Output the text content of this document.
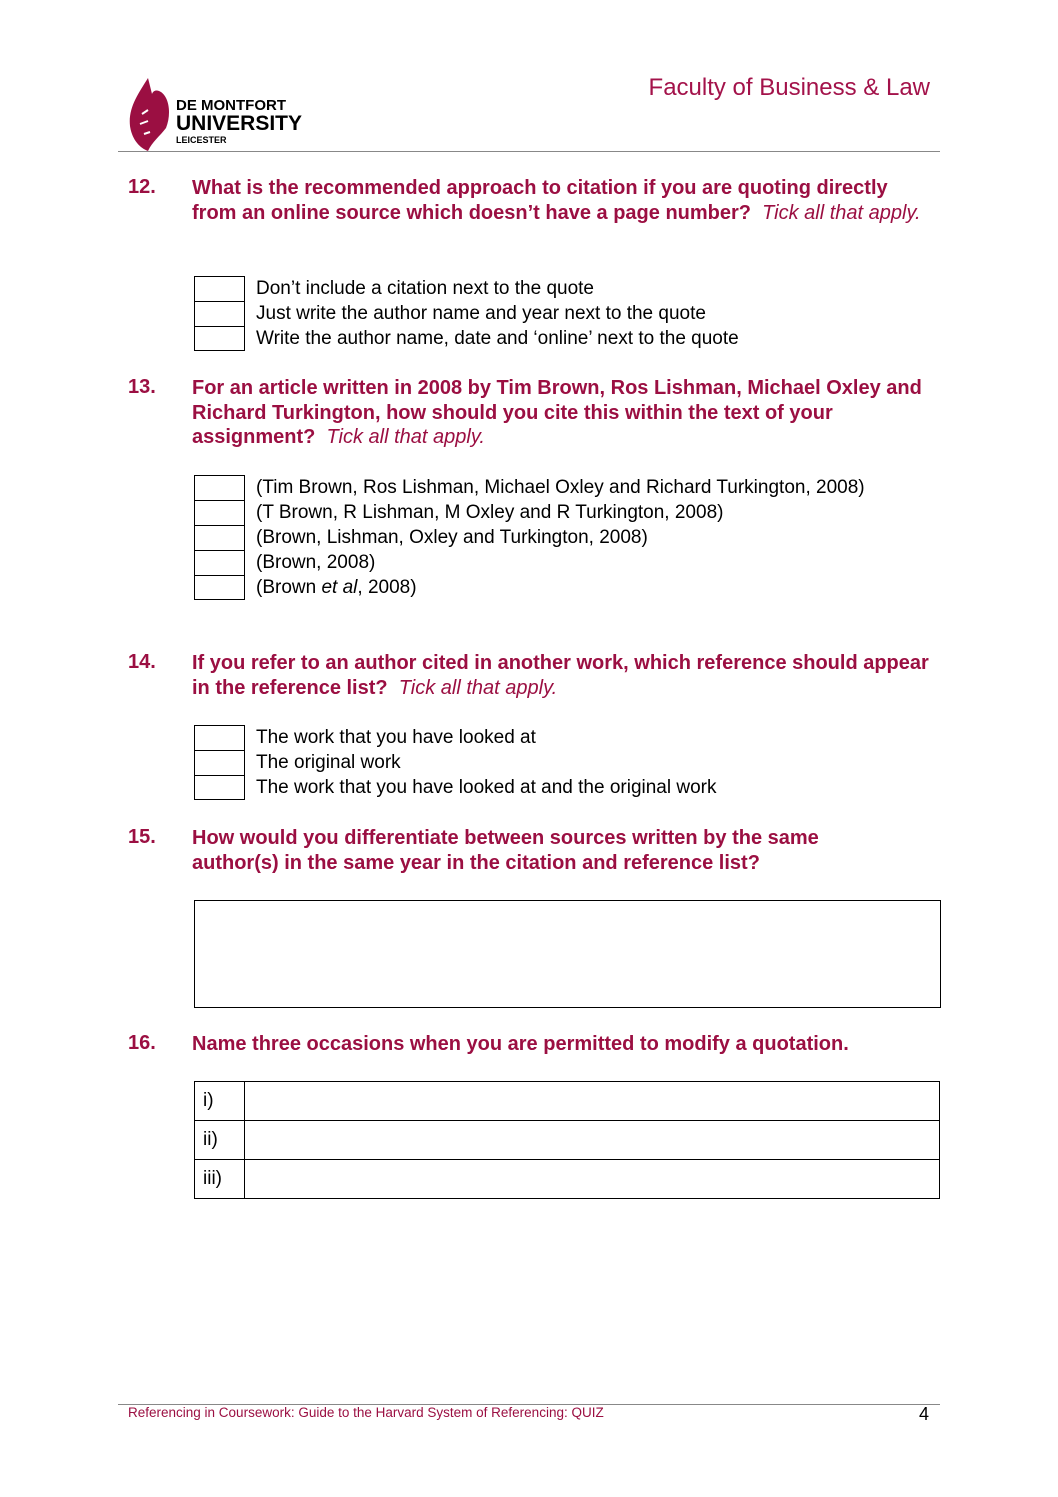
DE MONTFORT
UNIVERSITY
LEICESTER
Faculty of Business & Law
12. What is the recommended approach to citation if you are quoting directly from an online source which doesn’t have a page number? Tick all that apply.
Don’t include a citation next to the quote
Just write the author name and year next to the quote
Write the author name, date and ‘online’ next to the quote
13. For an article written in 2008 by Tim Brown, Ros Lishman, Michael Oxley and Richard Turkington, how should you cite this within the text of your assignment? Tick all that apply.
(Tim Brown, Ros Lishman, Michael Oxley and Richard Turkington, 2008)
(T Brown, R Lishman, M Oxley and R Turkington, 2008)
(Brown, Lishman, Oxley and Turkington, 2008)
(Brown, 2008)
(Brown et al, 2008)
14. If you refer to an author cited in another work, which reference should appear in the reference list? Tick all that apply.
The work that you have looked at
The original work
The work that you have looked at and the original work
15. How would you differentiate between sources written by the same author(s) in the same year in the citation and reference list?
16. Name three occasions when you are permitted to modify a quotation.
i)	
ii)	
iii)	
Referencing in Coursework: Guide to the Harvard System of Referencing: QUIZ	4
